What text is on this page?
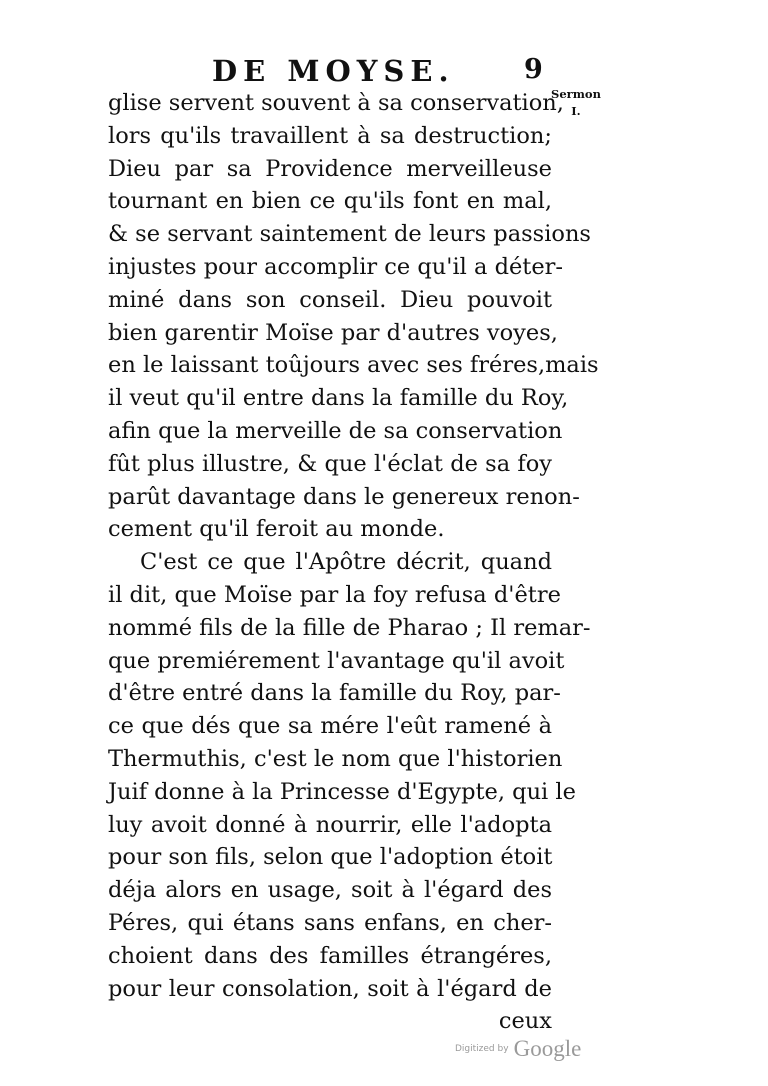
DE MOYSE.	9
Sermon
I.
glise servent souvent à sa conservation,
lors qu'ils travaillent à sa destruction;
Dieu par sa Providence merveilleuse
tournant en bien ce qu'ils font en mal,
& se servant saintement de leurs passions
injustes pour accomplir ce qu'il a déter-
miné dans son conseil. Dieu pouvoit
bien garentir Moïse par d'autres voyes,
en le laissant toûjours avec ses fréres,mais
il veut qu'il entre dans la famille du Roy,
afin que la merveille de sa conservation
fût plus illustre, & que l'éclat de sa foy
parût davantage dans le genereux renon-
cement qu'il feroit au monde.
C'est ce que l'Apôtre décrit, quand
il dit, que Moïse par la foy refusa d'être
nommé fils de la fille de Pharao ; Il remar-
que premiérement l'avantage qu'il avoit
d'être entré dans la famille du Roy, par-
ce que dés que sa mére l'eût ramené à
Thermuthis, c'est le nom que l'historien
Juif donne à la Princesse d'Egypte, qui le
luy avoit donné à nourrir, elle l'adopta
pour son fils, selon que l'adoption étoit
déja alors en usage, soit à l'égard des
Péres, qui étans sans enfans, en cher-
choient dans des familles étrangéres,
pour leur consolation, soit à l'égard de
ceux
Digitized by Google
